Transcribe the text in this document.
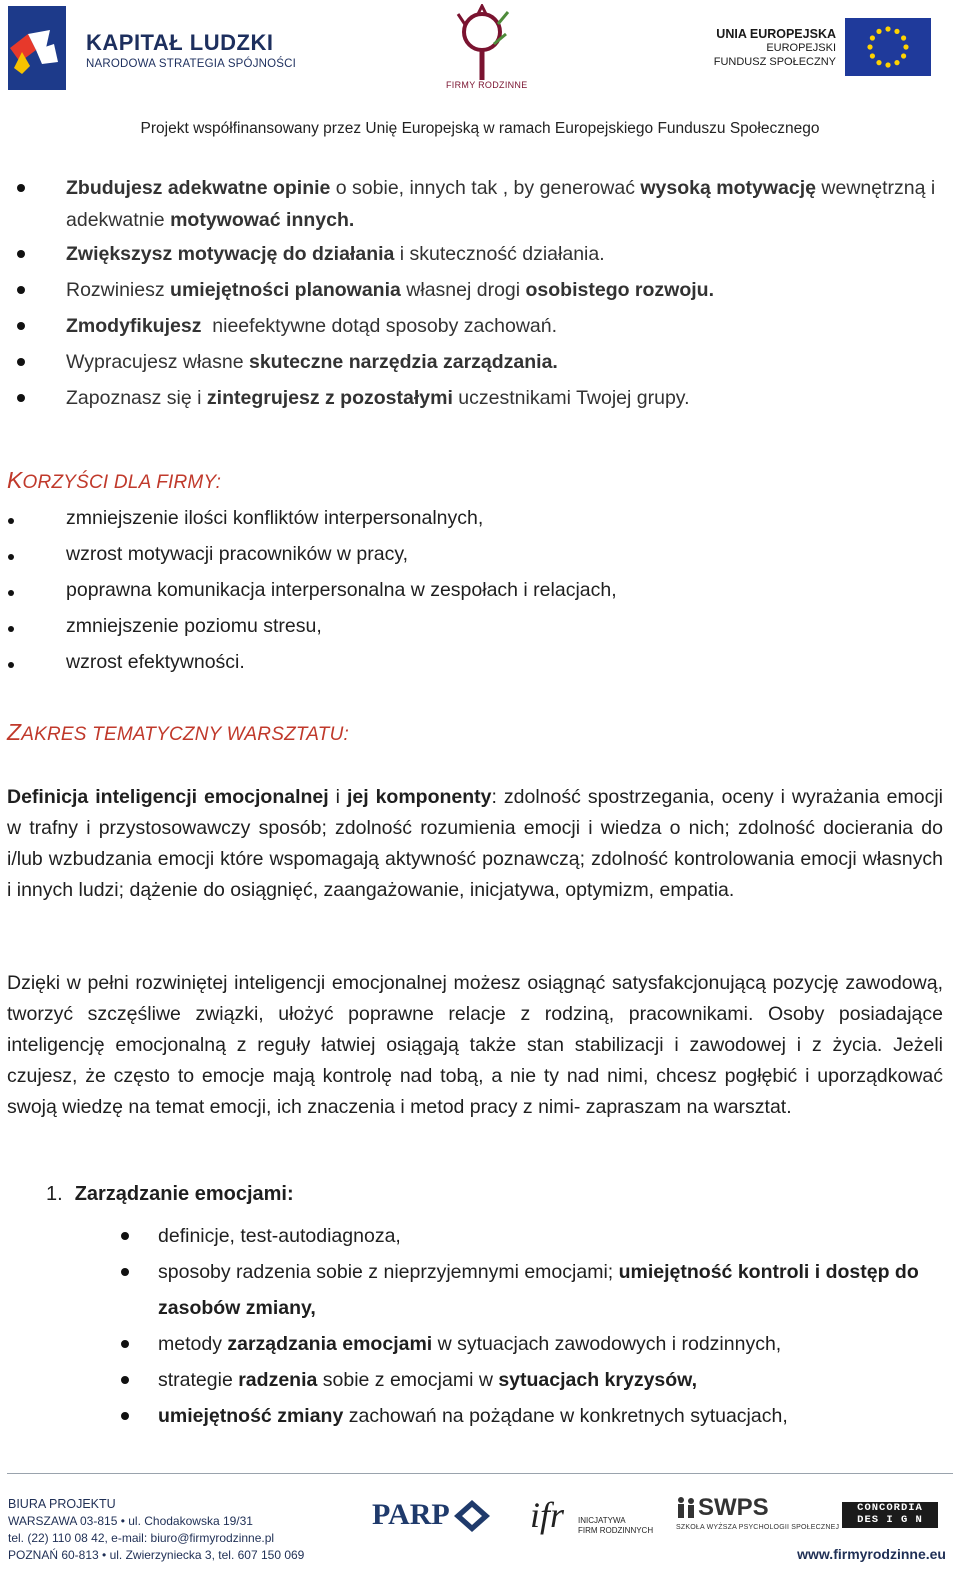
KAPITAŁ LUDZKI
NARODOWA STRATEGIA SPÓJNOŚCI
FIRMY RODZINNE
UNIA EUROPEJSKA
EUROPEJSKI
FUNDUSZ SPOŁECZNY
Projekt współfinansowany przez Unię Europejską w ramach Europejskiego Funduszu Społecznego
Zbudujesz adekwatne opinie o sobie, innych tak , by generować wysoką motywację wewnętrzną i adekwatnie motywować innych.
Zwiększysz motywację do działania i skuteczność działania.
Rozwiniesz umiejętności planowania własnej drogi osobistego rozwoju.
Zmodyfikujesz  nieefektywne dotąd sposoby zachowań.
Wypracujesz własne skuteczne narzędzia zarządzania.
Zapoznasz się i zintegrujesz z pozostałymi uczestnikami Twojej grupy.
KORZYŚCI DLA FIRMY:
zmniejszenie ilości konfliktów interpersonalnych,
wzrost motywacji pracowników w pracy,
poprawna komunikacja interpersonalna w zespołach i relacjach,
zmniejszenie poziomu stresu,
wzrost efektywności.
ZAKRES TEMATYCZNY WARSZTATU:
Definicja inteligencji emocjonalnej i jej komponenty: zdolność spostrzegania, oceny i wyrażania emocji w trafny i przystosowawczy sposób; zdolność rozumienia emocji i wiedza o nich; zdolność docierania do i/lub wzbudzania emocji które wspomagają aktywność poznawczą; zdolność kontrolowania emocji własnych i innych ludzi; dążenie do osiągnięć, zaangażowanie, inicjatywa, optymizm, empatia.
Dzięki w pełni rozwiniętej inteligencji emocjonalnej możesz osiągnąć satysfakcjonującą pozycję zawodową, tworzyć szczęśliwe związki, ułożyć poprawne relacje z rodziną, pracownikami. Osoby posiadające inteligencję emocjonalną z reguły łatwiej osiągają także stan stabilizacji i zawodowej i z życia. Jeżeli czujesz, że często to emocje mają kontrolę nad tobą, a nie ty nad nimi, chcesz pogłębić i uporządkować swoją wiedzę na temat emocji, ich znaczenia i metod pracy z nimi- zapraszam na warsztat.
1. Zarządzanie emocjami:
definicje, test-autodiagnoza,
sposoby radzenia sobie z nieprzyjemnymi emocjami; umiejętność kontroli i dostęp do zasobów zmiany,
metody zarządzania emocjami w sytuacjach zawodowych i rodzinnych,
strategie radzenia sobie z emocjami w sytuacjach kryzysów,
umiejętność zmiany zachowań na pożądane w konkretnych sytuacjach,
BIURA PROJEKTU
WARSZAWA 03-815 • ul. Chodakowska 19/31
tel. (22) 110 08 42, e-mail: biuro@firmyrodzinne.pl
POZNAŃ 60-813 • ul. Zwierzyniecka 3, tel. 607 150 069
PARP ifr INICJATYWA
FIRM RODZINNYCH
SWPS
SZKOŁA WYŻSZA PSYCHOLOGII SPOŁECZNEJ
CONCORDIA
DES I G N
www.firmyrodzinne.eu
